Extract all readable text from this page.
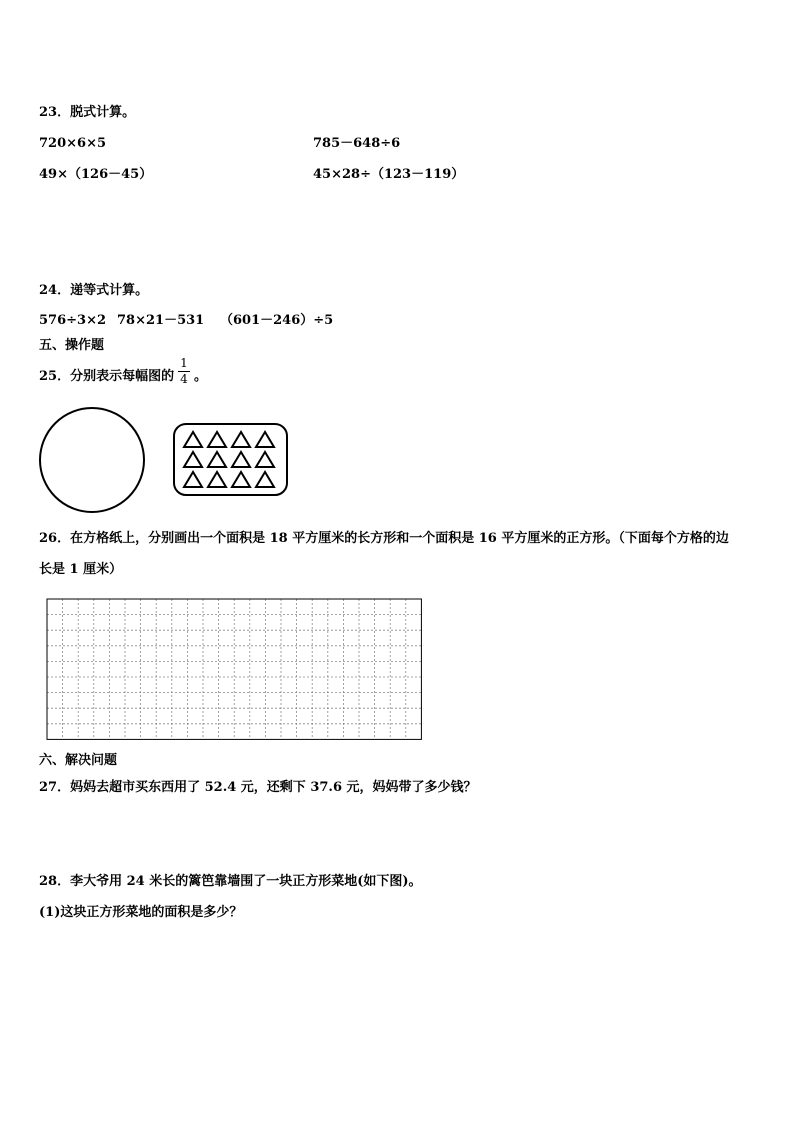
23．脱式计算。
720×6×5	785－648÷6
49×（126－45）	45×28÷（123－119）
24．递等式计算。
576÷3×2 78×21－531 （601－246）÷5
五、操作题
25．分别表示每幅图的
1
4 。
26．在方格纸上，分别画出一个面积是 18 平方厘米的长方形和一个面积是 16 平方厘米的正方形。（下面每个方格的边
长是 1 厘米）
六、解决问题
27．妈妈去超市买东西用了 52.4 元，还剩下 37.6 元，妈妈带了多少钱？
28．李大爷用 24 米长的篱笆靠墙围了一块正方形菜地(如下图)。
(1)这块正方形菜地的面积是多少？
